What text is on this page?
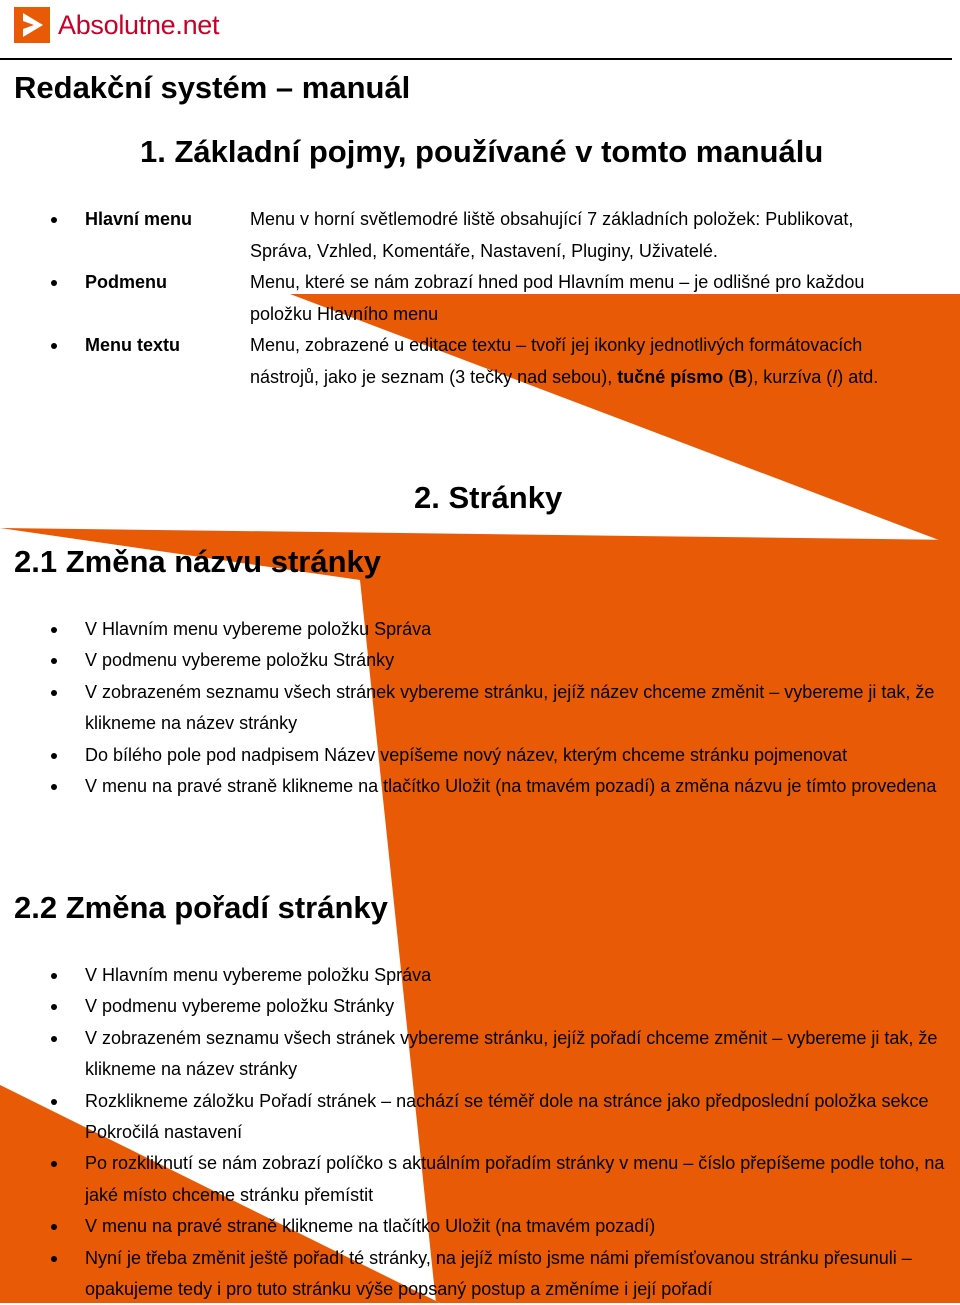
Absolutne.net
Redakční systém – manuál
1. Základní pojmy, používané v tomto manuálu
Hlavní menu	Menu v horní světlemodré liště obsahující 7 základních položek: Publikovat, Správa, Vzhled, Komentáře, Nastavení, Pluginy, Uživatelé.
Podmenu	Menu, které se nám zobrazí hned pod Hlavním menu – je odlišné pro každou položku Hlavního menu
Menu textu	Menu, zobrazené u editace textu – tvoří jej ikonky jednotlivých formátovacích nástrojů, jako je seznam (3 tečky nad sebou), tučné písmo (B), kurzíva (I) atd.
2. Stránky
2.1 Změna názvu stránky
V Hlavním menu vybereme položku Správa
V podmenu vybereme položku Stránky
V zobrazeném seznamu všech stránek vybereme stránku, jejíž název chceme změnit – vybereme ji tak, že klikneme na název stránky
Do bílého pole pod nadpisem Název vepíšeme nový název, kterým chceme stránku pojmenovat
V menu na pravé straně klikneme na tlačítko Uložit (na tmavém pozadí) a změna názvu je tímto provedena
2.2 Změna pořadí stránky
V Hlavním menu vybereme položku Správa
V podmenu vybereme položku Stránky
V zobrazeném seznamu všech stránek vybereme stránku, jejíž pořadí chceme změnit – vybereme ji tak, že klikneme na název stránky
Rozklikneme záložku Pořadí stránek – nachází se téměř dole na stránce jako předposlední položka sekce Pokročilá nastavení
Po rozkliknutí se nám zobrazí políčko s aktuálním pořadím stránky v menu – číslo přepíšeme podle toho, na jaké místo chceme stránku přemístit
V menu na pravé straně klikneme na tlačítko Uložit (na tmavém pozadí)
Nyní je třeba změnit ještě pořadí té stránky, na jejíž místo jsme námi přemísťovanou stránku přesunuli – opakujeme tedy i pro tuto stránku výše popsaný postup a změníme i její pořadí
